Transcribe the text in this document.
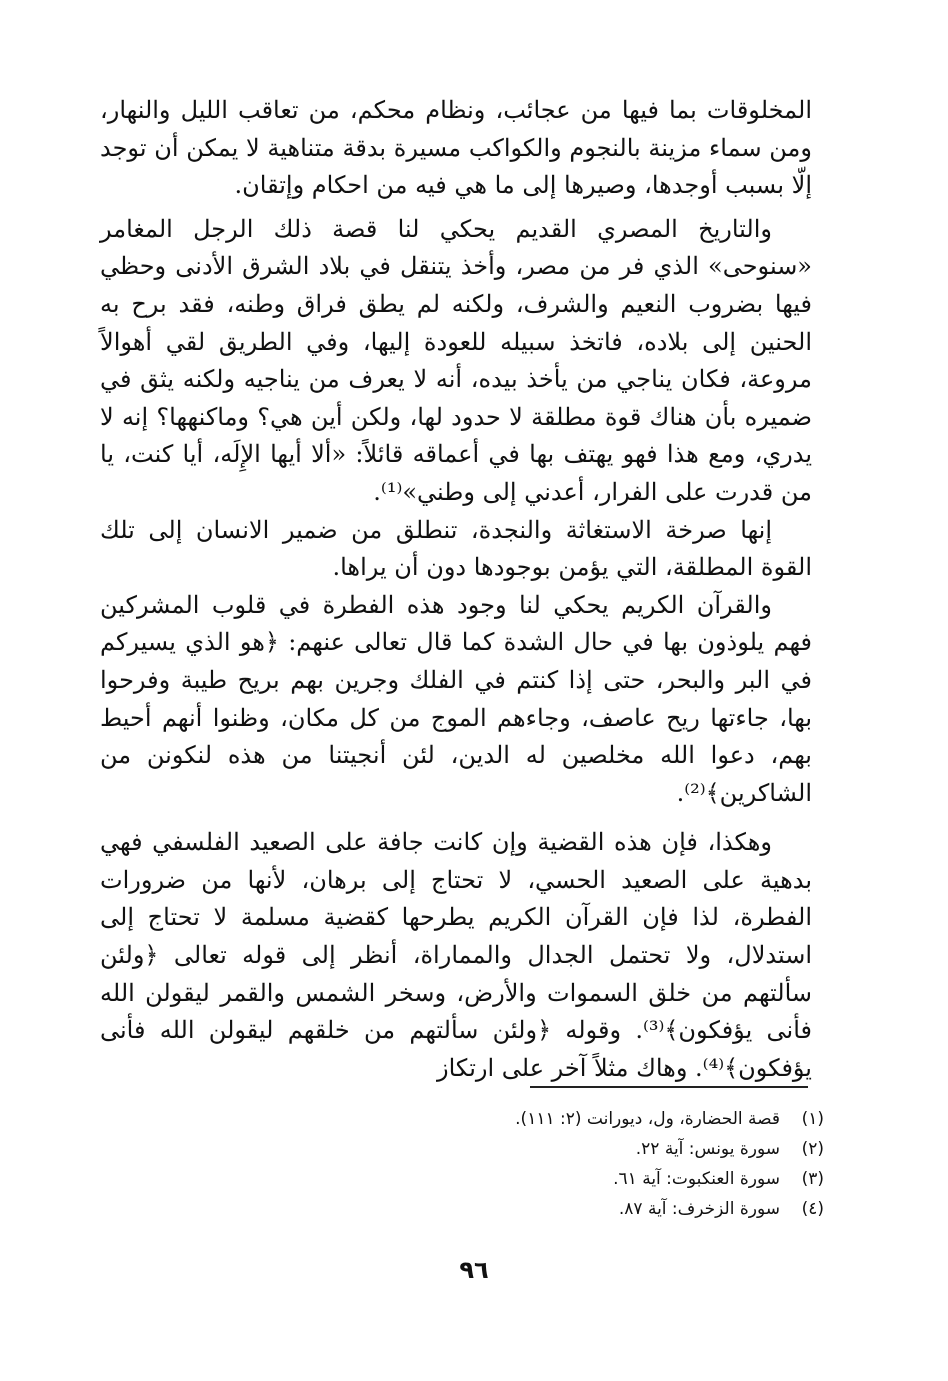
المخلوقات بما فيها من عجائب، ونظام محكم، من تعاقب الليل والنهار، ومن سماء مزينة بالنجوم والكواكب مسيرة بدقة متناهية لا يمكن أن توجد إلّا بسبب أوجدها، وصيرها إلى ما هي فيه من احكام وإتقان.

والتاريخ المصري القديم يحكي لنا قصة ذلك الرجل المغامر «سنوحى» الذي فر من مصر، وأخذ يتنقل في بلاد الشرق الأدنى وحظي فيها بضروب النعيم والشرف، ولكنه لم يطق فراق وطنه، فقد برح به الحنين إلى بلاده، فاتخذ سبيله للعودة إليها، وفي الطريق لقي أهوالاً مروعة، فكان يناجي من يأخذ بيده، أنه لا يعرف من يناجيه ولكنه يثق في ضميره بأن هناك قوة مطلقة لا حدود لها، ولكن أين هي؟ وماكنهها؟ إنه لا يدري، ومع هذا فهو يهتف بها في أعماقه قائلاً: «ألا أيها الإِلَه، أيا كنت، يا من قدرت على الفرار، أعدني إلى وطني»⁽¹⁾.

إنها صرخة الاستغاثة والنجدة، تنطلق من ضمير الانسان إلى تلك القوة المطلقة، التي يؤمن بوجودها دون أن يراها.

والقرآن الكريم يحكي لنا وجود هذه الفطرة في قلوب المشركين فهم يلوذون بها في حال الشدة كما قال تعالى عنهم: ﴿هو الذي يسيركم في البر والبحر، حتى إذا كنتم في الفلك وجرين بهم بريح طيبة وفرحوا بها، جاءتها ريح عاصف، وجاءهم الموج من كل مكان، وظنوا أنهم أحيط بهم، دعوا الله مخلصين له الدين، لئن أنجيتنا من هذه لنكونن من الشاكرين﴾⁽²⁾.

وهكذا، فإن هذه القضية وإن كانت جافة على الصعيد الفلسفي فهي بدهية على الصعيد الحسي، لا تحتاج إلى برهان، لأنها من ضرورات الفطرة، لذا فإن القرآن الكريم يطرحها كقضية مسلمة لا تحتاج إلى استدلال، ولا تحتمل الجدال والمماراة، أنظر إلى قوله تعالى ﴿ولئن سألتهم من خلق السموات والأرض، وسخر الشمس والقمر ليقولن الله فأنى يؤفكون﴾⁽³⁾. وقوله ﴿ولئن سألتهم من خلقهم ليقولن الله فأنى يؤفكون﴾⁽⁴⁾. وهاك مثلاً آخر على ارتكاز

(١)
قصة الحضارة، ول، ديورانت (٢: ١١١).
(٢)
سورة يونس: آية ٢٢.
(٣)
سورة العنكبوت: آية ٦١.
(٤)
سورة الزخرف: آية ٨٧.
٩٦
